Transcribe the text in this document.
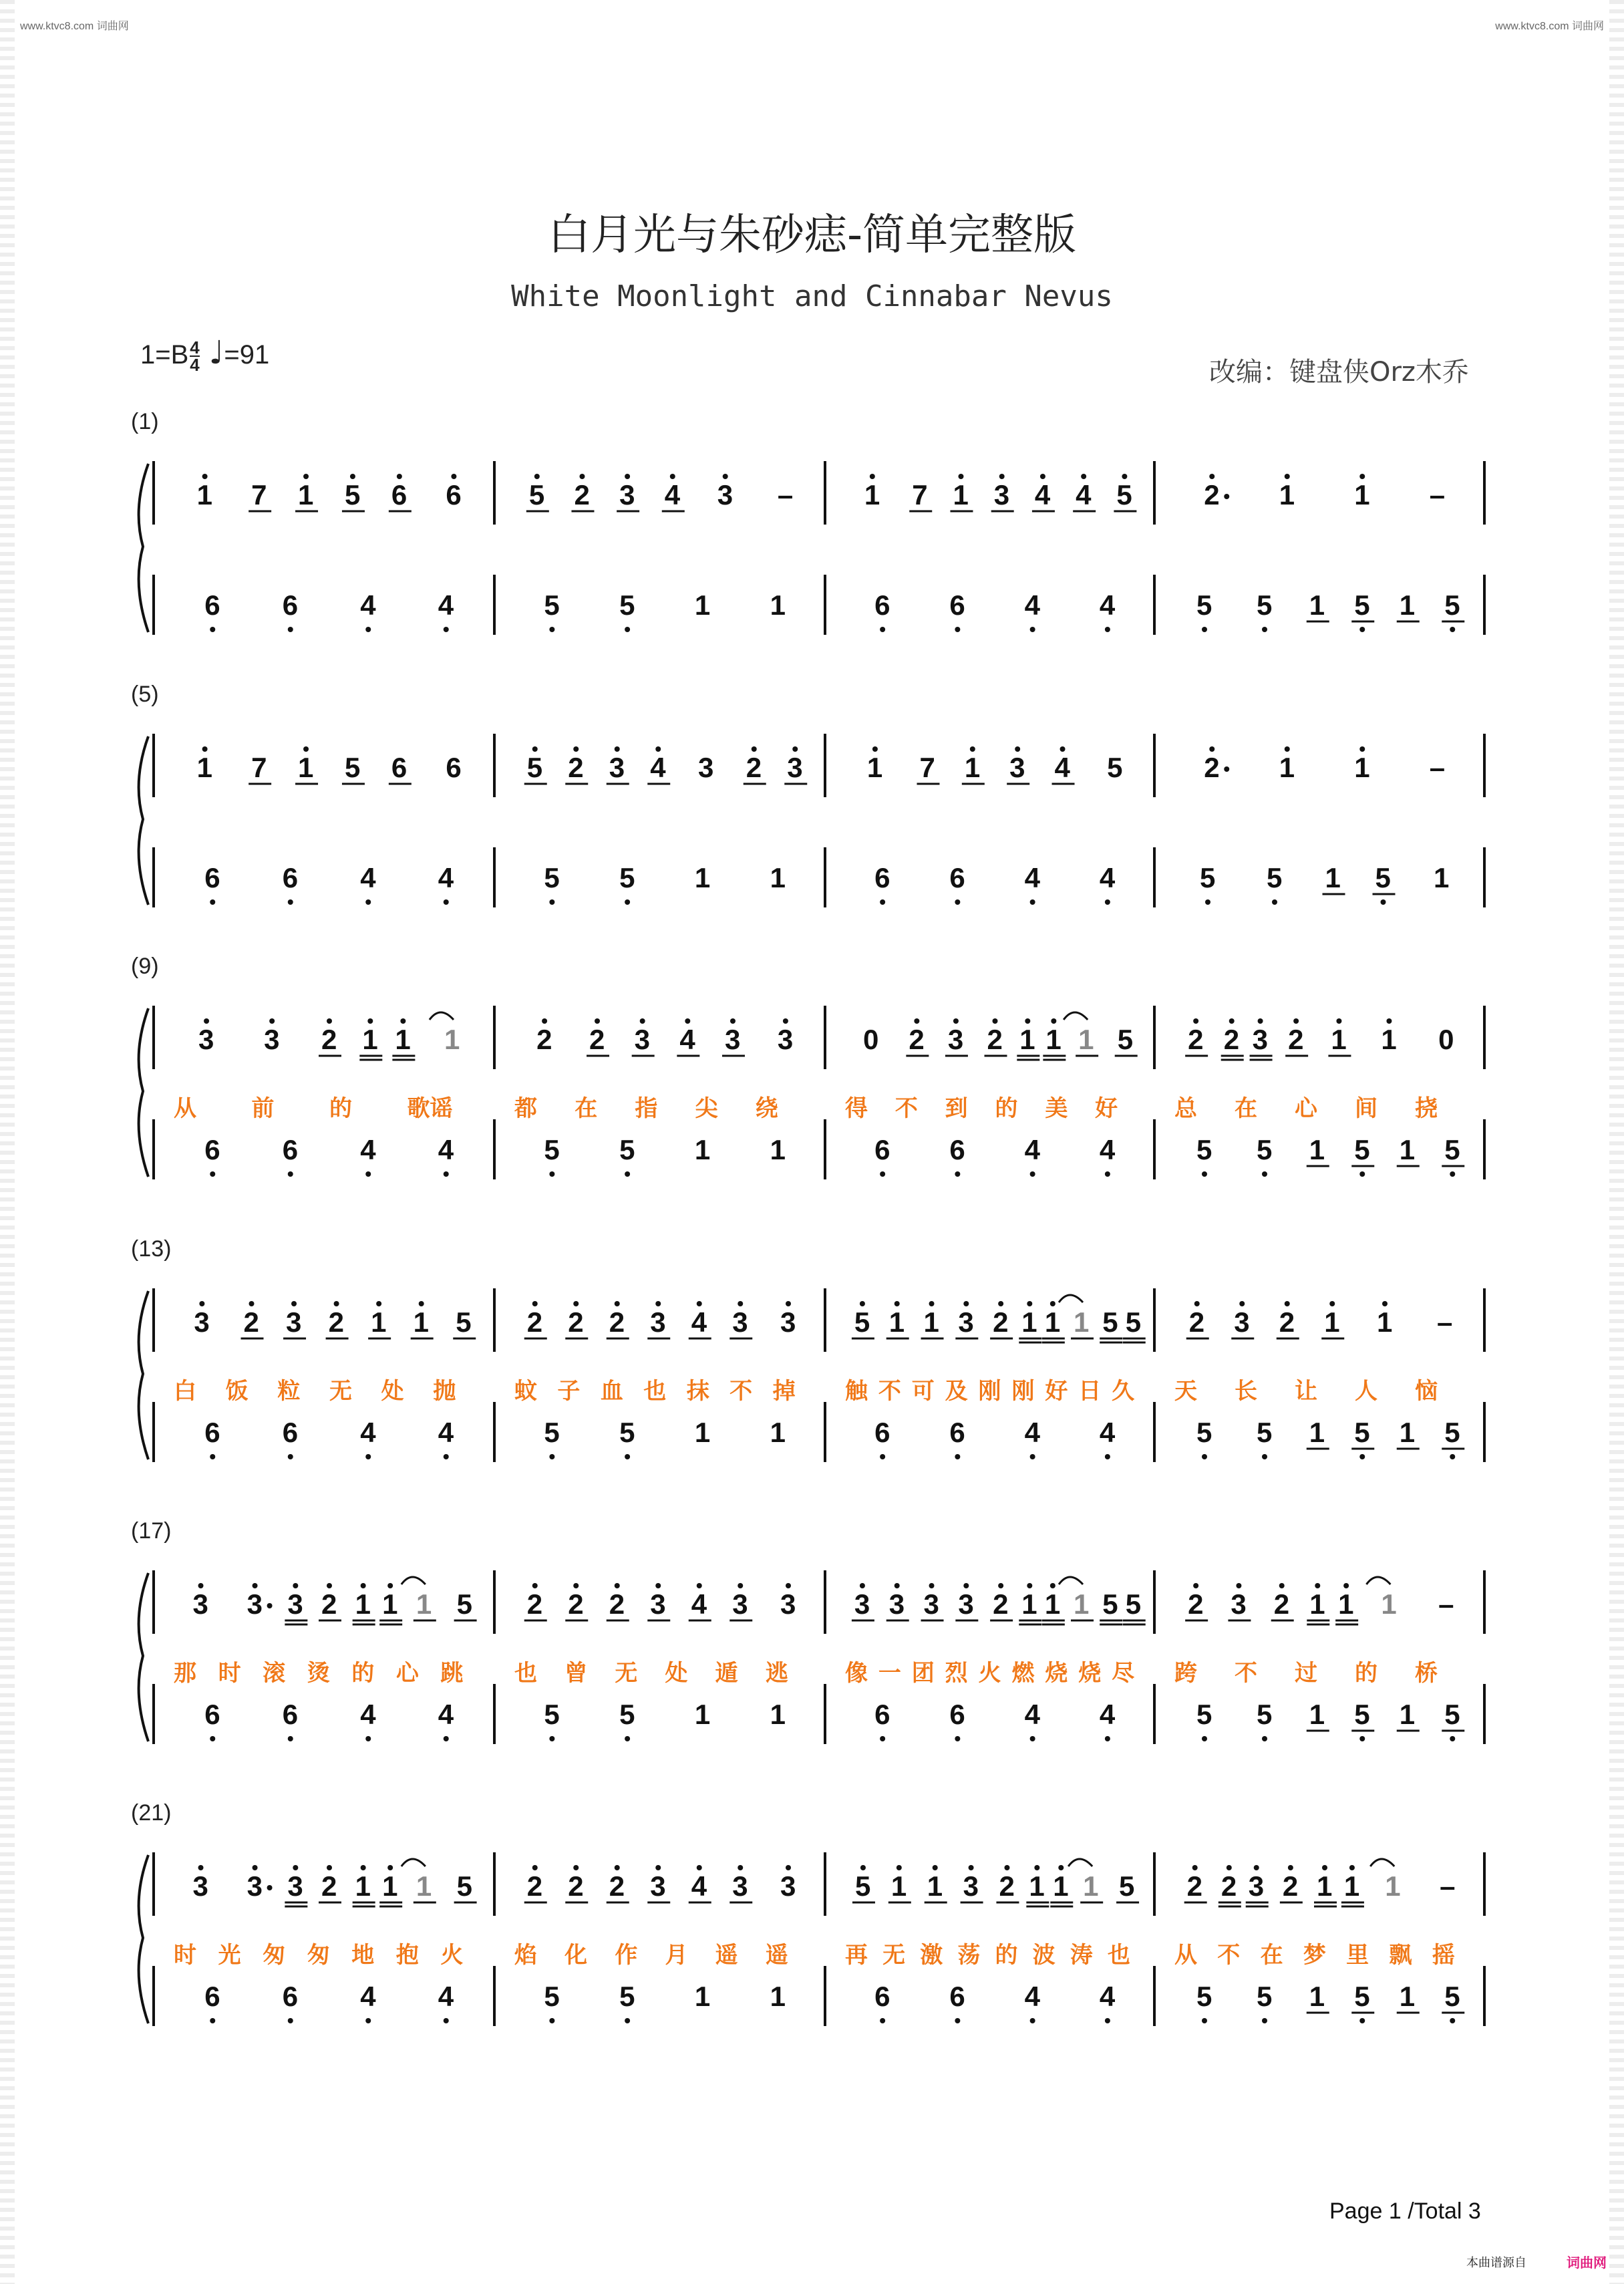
www.ktvc8.com 词曲网	www.ktvc8.com 词曲网
白月光与朱砂痣-简单完整版
White Moonlight and Cinnabar Nevus
$1=B \frac{4}{4}$ ♩=91
改编：键盘侠Orz木乔
(1)
1 7 1 5 6 6
6 6 4 4
5 2 3 4 3 –
5 5 1 1
1 7 1 3 4 4 5
6 6 4 4
2 1 1 –
5 5 1 5 1 5
(5)
1 7 1 5 6 6
6 6 4 4
5 2 3 4 3 2 3
5 5 1 1
1 7 1 3 4 5
6 6 4 4
2 1 1 –
5 5 1 5 1
(9)
3 3 2 1 1 1
6 6 4 4
从 前 的 歌谣
2 2 3 4 3 3
5 5 1 1
都 在 指 尖 绕
0 2 3 2 1 1 1 5
6 6 4 4
得 不 到 的 美 好
2 2 3 2 1 1 0
5 5 1 5 1 5
总 在 心 间 挠
(13)
3 2 3 2 1 1 5
6 6 4 4
白 饭 粒 无 处 抛
2 2 2 3 4 3 3
5 5 1 1
蚊 子 血 也 抹 不 掉
5 1 1 3 2 1 1 1 5 5
6 6 4 4
触 不 可 及 刚 刚 好 日 久
2 3 2 1 1 –
5 5 1 5 1 5
天 长 让 人 恼
(17)
3 3 3 2 1 1 1 5
6 6 4 4
那 时 滚 烫 的 心 跳
2 2 2 3 4 3 3
5 5 1 1
也 曾 无 处 遁 逃
3 3 3 3 2 1 1 1 5 5
6 6 4 4
像 一 团 烈 火 燃 烧 烧 尽
2 3 2 1 1 1 –
5 5 1 5 1 5
跨 不 过 的 桥
(21)
3 3 3 2 1 1 1 5
6 6 4 4
时 光 匆 匆 地 抱 火
2 2 2 3 4 3 3
5 5 1 1
焰 化 作 月 遥 遥
5 1 1 3 2 1 1 1 5
6 6 4 4
再 无 激 荡 的 波 涛 也
2 2 3 2 1 1 1 –
5 5 1 5 1 5
从 不 在 梦 里 飘 摇
Page 1 /Total 3
本曲谱源自	词曲网
